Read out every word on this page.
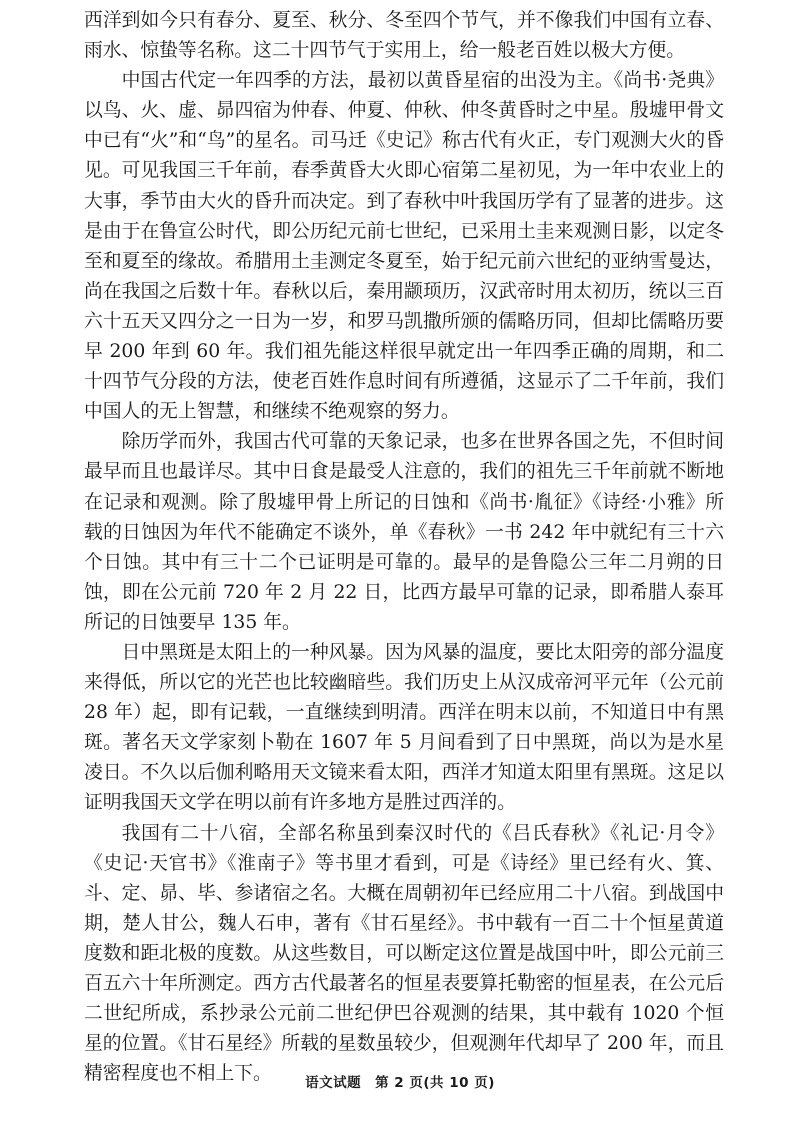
西洋到如今只有春分、夏至、秋分、冬至四个节气，并不像我们中国有立春、雨水、惊蛰等名称。这二十四节气于实用上，给一般老百姓以极大方便。

中国古代定一年四季的方法，最初以黄昏星宿的出没为主。《尚书·尧典》以鸟、火、虚、昴四宿为仲春、仲夏、仲秋、仲冬黄昏时之中星。殷墟甲骨文中已有“火”和“鸟”的星名。司马迁《史记》称古代有火正，专门观测大火的昏见。可见我国三千年前，春季黄昏大火即心宿第二星初见，为一年中农业上的大事，季节由大火的昏升而决定。到了春秋中叶我国历学有了显著的进步。这是由于在鲁宣公时代，即公历纪元前七世纪，已采用土圭来观测日影，以定冬至和夏至的缘故。希腊用土圭测定冬夏至，始于纪元前六世纪的亚纳雪曼达，尚在我国之后数十年。春秋以后，秦用颛顼历，汉武帝时用太初历，统以三百六十五天又四分之一日为一岁，和罗马凯撒所颁的儒略历同，但却比儒略历要早 200 年到 60 年。我们祖先能这样很早就定出一年四季正确的周期，和二十四节气分段的方法，使老百姓作息时间有所遵循，这显示了二千年前，我们中国人的无上智慧，和继续不绝观察的努力。

除历学而外，我国古代可靠的天象记录，也多在世界各国之先，不但时间最早而且也最详尽。其中日食是最受人注意的，我们的祖先三千年前就不断地在记录和观测。除了殷墟甲骨上所记的日蚀和《尚书·胤征》《诗经·小雅》所载的日蚀因为年代不能确定不谈外，单《春秋》一书 242 年中就纪有三十六个日蚀。其中有三十二个已证明是可靠的。最早的是鲁隐公三年二月朔的日蚀，即在公元前 720 年 2 月 22 日，比西方最早可靠的记录，即希腊人泰耳所记的日蚀要早 135 年。

日中黑斑是太阳上的一种风暴。因为风暴的温度，要比太阳旁的部分温度来得低，所以它的光芒也比较幽暗些。我们历史上从汉成帝河平元年（公元前 28 年）起，即有记载，一直继续到明清。西洋在明末以前，不知道日中有黑斑。著名天文学家刻卜勒在 1607 年 5 月间看到了日中黑斑，尚以为是水星凌日。不久以后伽利略用天文镜来看太阳，西洋才知道太阳里有黑斑。这足以证明我国天文学在明以前有许多地方是胜过西洋的。

我国有二十八宿，全部名称虽到秦汉时代的《吕氏春秋》《礼记·月令》《史记·天官书》《淮南子》等书里才看到，可是《诗经》里已经有火、箕、斗、定、昴、毕、参诸宿之名。大概在周朝初年已经应用二十八宿。到战国中期，楚人甘公，魏人石申，著有《甘石星经》。书中载有一百二十个恒星黄道度数和距北极的度数。从这些数目，可以断定这位置是战国中叶，即公元前三百五六十年所测定。西方古代最著名的恒星表要算托勒密的恒星表，在公元后二世纪所成，系抄录公元前二世纪伊巴谷观测的结果，其中载有 1020 个恒星的位置。《甘石星经》所载的星数虽较少，但观测年代却早了 200 年，而且精密程度也不相上下。	语文试题　第 2 页(共 10 页)
